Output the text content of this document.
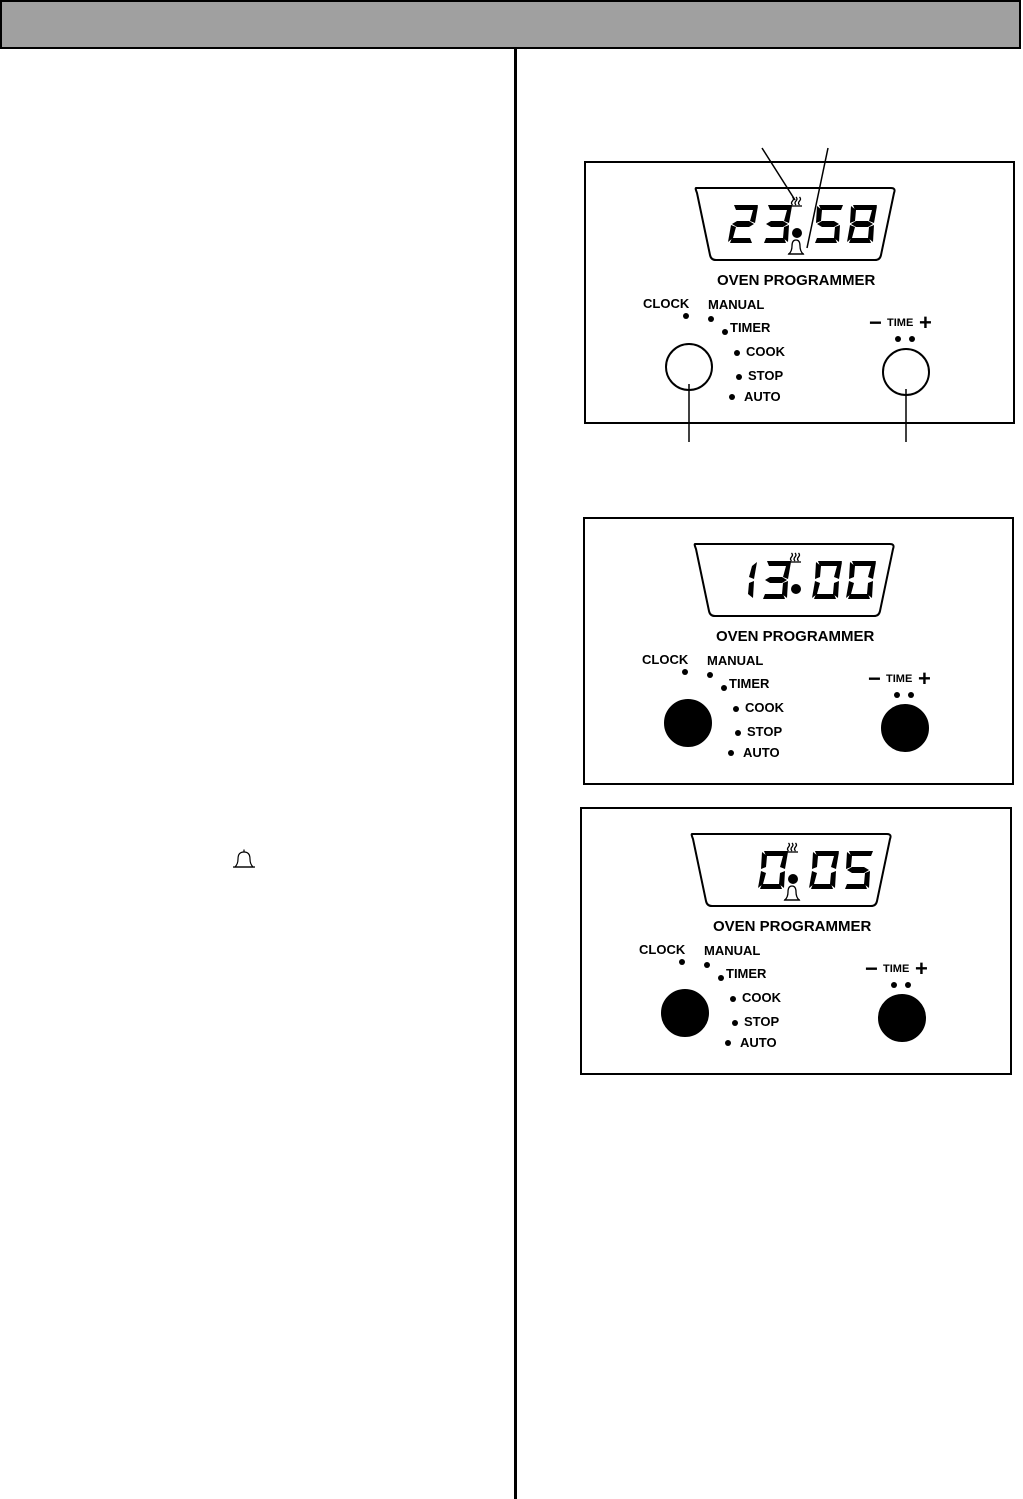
OVEN PROGRAMMER
CLOCK MANUAL
TIMER
COOK
STOP
AUTO
− TIME +
OVEN PROGRAMMER
CLOCK MANUAL
TIMER
COOK
STOP
AUTO
− TIME +
OVEN PROGRAMMER
CLOCK MANUAL
TIMER
COOK
STOP
AUTO
− TIME +
